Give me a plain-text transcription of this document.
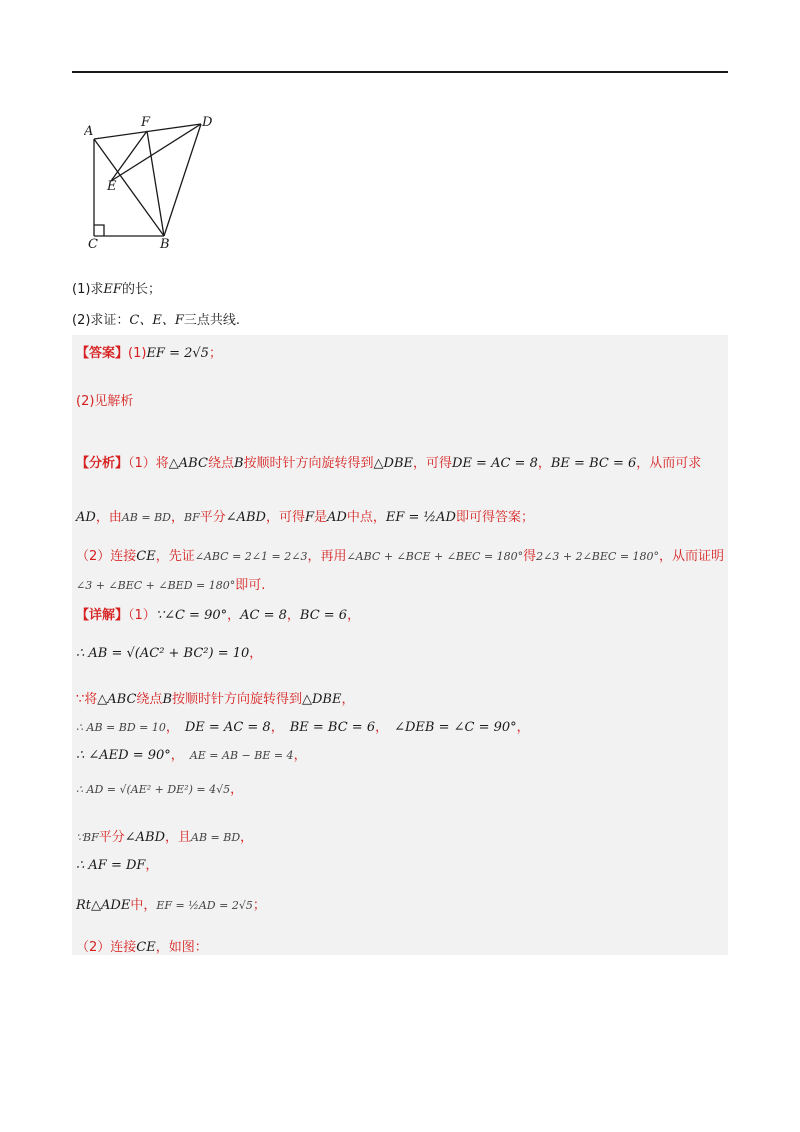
A
F	D
E
C	B
(1)求EF的长；
(2)求证：C、E、F三点共线.
【答案】(1)EF = 2√5；
(2)见解析
【分析】（1）将△ABC绕点B按顺时针方向旋转得到△DBE，可得DE = AC = 8，BE = BC = 6，从而可求
AD，由AB = BD，BF平分∠ABD，可得F是AD中点，EF = ½AD即可得答案；
（2）连接CE，先证∠ABC = 2∠1 = 2∠3，再用∠ABC + ∠BCE + ∠BEC = 180°得2∠3 + 2∠BEC = 180°，从而证明
∠3 + ∠BEC + ∠BED = 180°即可.
【详解】（1）∵∠C = 90°，AC = 8，BC = 6，
∴ AB = √(AC² + BC²) = 10，
∵将△ABC绕点B按顺时针方向旋转得到△DBE，
∴ AB = BD = 10， DE = AC = 8， BE = BC = 6， ∠DEB = ∠C = 90°，
∴ ∠AED = 90°， AE = AB − BE = 4，
∴ AD = √(AE² + DE²) = 4√5，
∵BF平分∠ABD，且AB = BD，
∴ AF = DF，
Rt△ADE中，EF = ½AD = 2√5；
（2）连接CE，如图：
